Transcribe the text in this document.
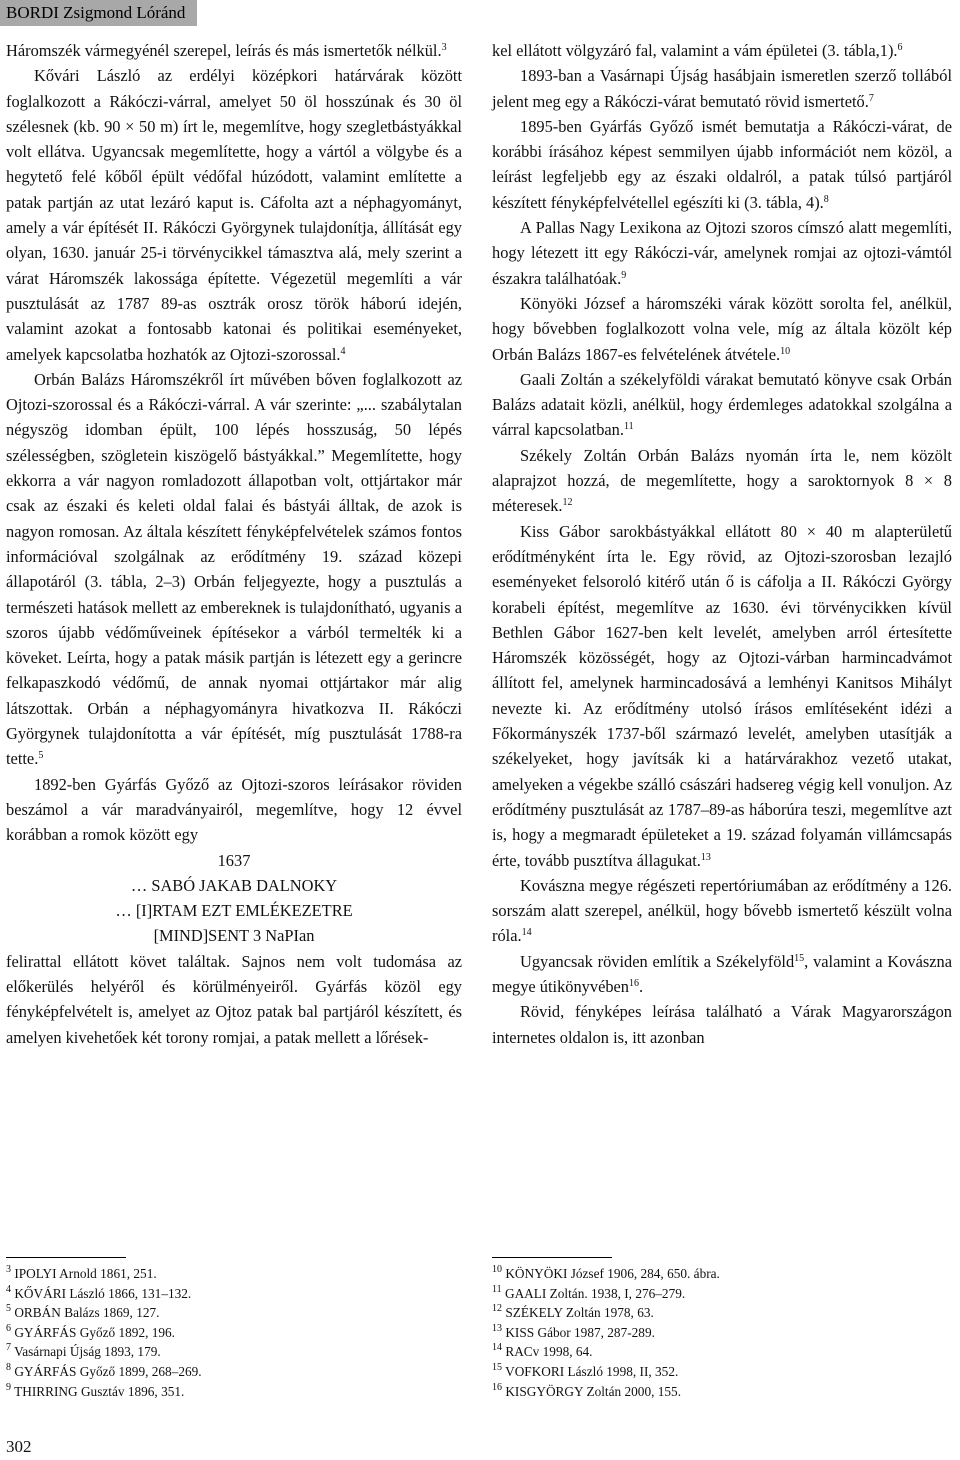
BORDI Zsigmond Lóránd

Háromszék vármegyénél szerepel, leírás és más ismertetők nélkül.$^3$

Kővári László az erdélyi középkori határvárak között foglalkozott a Rákóczi-várral, amelyet 50 öl hosszúnak és 30 öl szélesnek (kb. 90 × 50 m) írt le, megemlítve, hogy szegletbástyákkal volt ellátva. Ugyancsak megemlítette, hogy a vártól a völgybe és a hegytető felé kőből épült védőfal húzódott, valamint említette a patak partján az utat lezáró kaput is. Cáfolta azt a néphagyományt, amely a vár építését II. Rákóczi Györgynek tulajdonítja, állítását egy olyan, 1630. január 25-i törvénycikkel támasztva alá, mely szerint a várat Háromszék lakossága építette. Végezetül megemlíti a vár pusztulását az 1787 89-as osztrák orosz török háború idején, valamint azokat a fontosabb katonai és politikai eseményeket, amelyek kapcsolatba hozhatók az Ojtozi-szorossal.$^4$

Orbán Balázs Háromszékről írt művében bőven foglalkozott az Ojtozi-szorossal és a Rákóczi-várral. A vár szerinte: „... szabálytalan négyszög idomban épült, 100 lépés hosszuság, 50 lépés szélességben, szögletein kiszögelő bástyákkal.” Megemlítette, hogy ekkorra a vár nagyon romladozott állapotban volt, ottjártakor már csak az északi és keleti oldal falai és bástyái álltak, de azok is nagyon romosan. Az általa készített fényképfelvételek számos fontos információval szolgálnak az erődítmény 19. század közepi állapotáról (3. tábla, 2–3) Orbán feljegyezte, hogy a pusztulás a természeti hatások mellett az embereknek is tulajdonítható, ugyanis a szoros újabb védőműveinek építésekor a várból termelték ki a köveket. Leírta, hogy a patak másik partján is létezett egy a gerincre felkapaszkodó védőmű, de annak nyomai ottjártakor már alig látszottak. Orbán a néphagyományra hivatkozva II. Rákóczi Györgynek tulajdonította a vár építését, míg pusztulását 1788-ra tette.$^5$

1892-ben Gyárfás Győző az Ojtozi-szoros leírásakor röviden beszámol a vár maradványairól, megemlítve, hogy 12 évvel korábban a romok között egy

1637

… SABÓ JAKAB DALNOKY

… [I]RTAM EZT EMLÉKEZETRE

[MIND]SENT 3 NaPIan

felirattal ellátott követ találtak. Sajnos nem volt tudomása az előkerülés helyéről és körülményeiről. Gyárfás közöl egy fényképfelvételt is, amelyet az Ojtoz patak bal partjáról készített, és amelyen kivehetőek két torony romjai, a patak mellett a lőrések-

kel ellátott völgyzáró fal, valamint a vám épületei (3. tábla,1).$^6$

1893-ban a Vasárnapi Újság hasábjain ismeretlen szerző tollából jelent meg egy a Rákóczi-várat bemutató rövid ismertető.$^7$

1895-ben Gyárfás Győző ismét bemutatja a Rákóczi-várat, de korábbi írásához képest semmilyen újabb információt nem közöl, a leírást legfeljebb egy az északi oldalról, a patak túlsó partjáról készített fényképfelvétellel egészíti ki (3. tábla, 4).$^8$

A Pallas Nagy Lexikona az Ojtozi szoros címszó alatt megemlíti, hogy létezett itt egy Rákóczi-vár, amelynek romjai az ojtozi-vámtól északra találhatóak.$^9$

Könyöki József a háromszéki várak között sorolta fel, anélkül, hogy bővebben foglalkozott volna vele, míg az általa közölt kép Orbán Balázs 1867-es felvételének átvétele.$^{10}$

Gaali Zoltán a székelyföldi várakat bemutató könyve csak Orbán Balázs adatait közli, anélkül, hogy érdemleges adatokkal szolgálna a várral kapcsolatban.$^{11}$

Székely Zoltán Orbán Balázs nyomán írta le, nem közölt alaprajzot hozzá, de megemlítette, hogy a saroktornyok 8 × 8 méteresek.$^{12}$

Kiss Gábor sarokbástyákkal ellátott 80 × 40 m alapterületű erődítményként írta le. Egy rövid, az Ojtozi-szorosban lezajló eseményeket felsoroló kitérő után ő is cáfolja a II. Rákóczi György korabeli építést, megemlítve az 1630. évi törvénycikken kívül Bethlen Gábor 1627-ben kelt levelét, amelyben arról értesítette Háromszék közösségét, hogy az Ojtozi-várban harmincadvámot állított fel, amelynek harmincadosává a lemhényi Kanitsos Mihályt nevezte ki. Az erődítmény utolsó írásos említéseként idézi a Főkormányszék 1737-ből származó levelét, amelyben utasítják a székelyeket, hogy javítsák ki a határvárakhoz vezető utakat, amelyeken a végekbe szálló császári hadsereg végig kell vonuljon. Az erődítmény pusztulását az 1787–89-as háborúra teszi, megemlítve azt is, hogy a megmaradt épületeket a 19. század folyamán villámcsapás érte, tovább pusztítva állagukat.$^{13}$

Kovászna megye régészeti repertóriumában az erődítmény a 126. sorszám alatt szerepel, anélkül, hogy bővebb ismertető készült volna róla.$^{14}$

Ugyancsak röviden említik a Székelyföld$^{15}$, valamint a Kovászna megye útikönyvében$^{16}$.

Rövid, fényképes leírása található a Várak Magyarországon internetes oldalon is, itt azonban

$^3$ IPOLYI Arnold 1861, 251.
$^4$ KŐVÁRI László 1866, 131–132.
$^5$ ORBÁN Balázs 1869, 127.
$^6$ GYÁRFÁS Győző 1892, 196.
$^7$ Vasárnapi Újság 1893, 179.
$^8$ GYÁRFÁS Győző 1899, 268–269.
$^9$ THIRRING Gusztáv 1896, 351.
$^{10}$ KÖNYÖKI József 1906, 284, 650. ábra.
$^{11}$ GAALI Zoltán. 1938, I, 276–279.
$^{12}$ SZÉKELY Zoltán 1978, 63.
$^{13}$ KISS Gábor 1987, 287-289.
$^{14}$ RACv 1998, 64.
$^{15}$ VOFKORI László 1998, II, 352.
$^{16}$ KISGYÖRGY Zoltán 2000, 155.
302
